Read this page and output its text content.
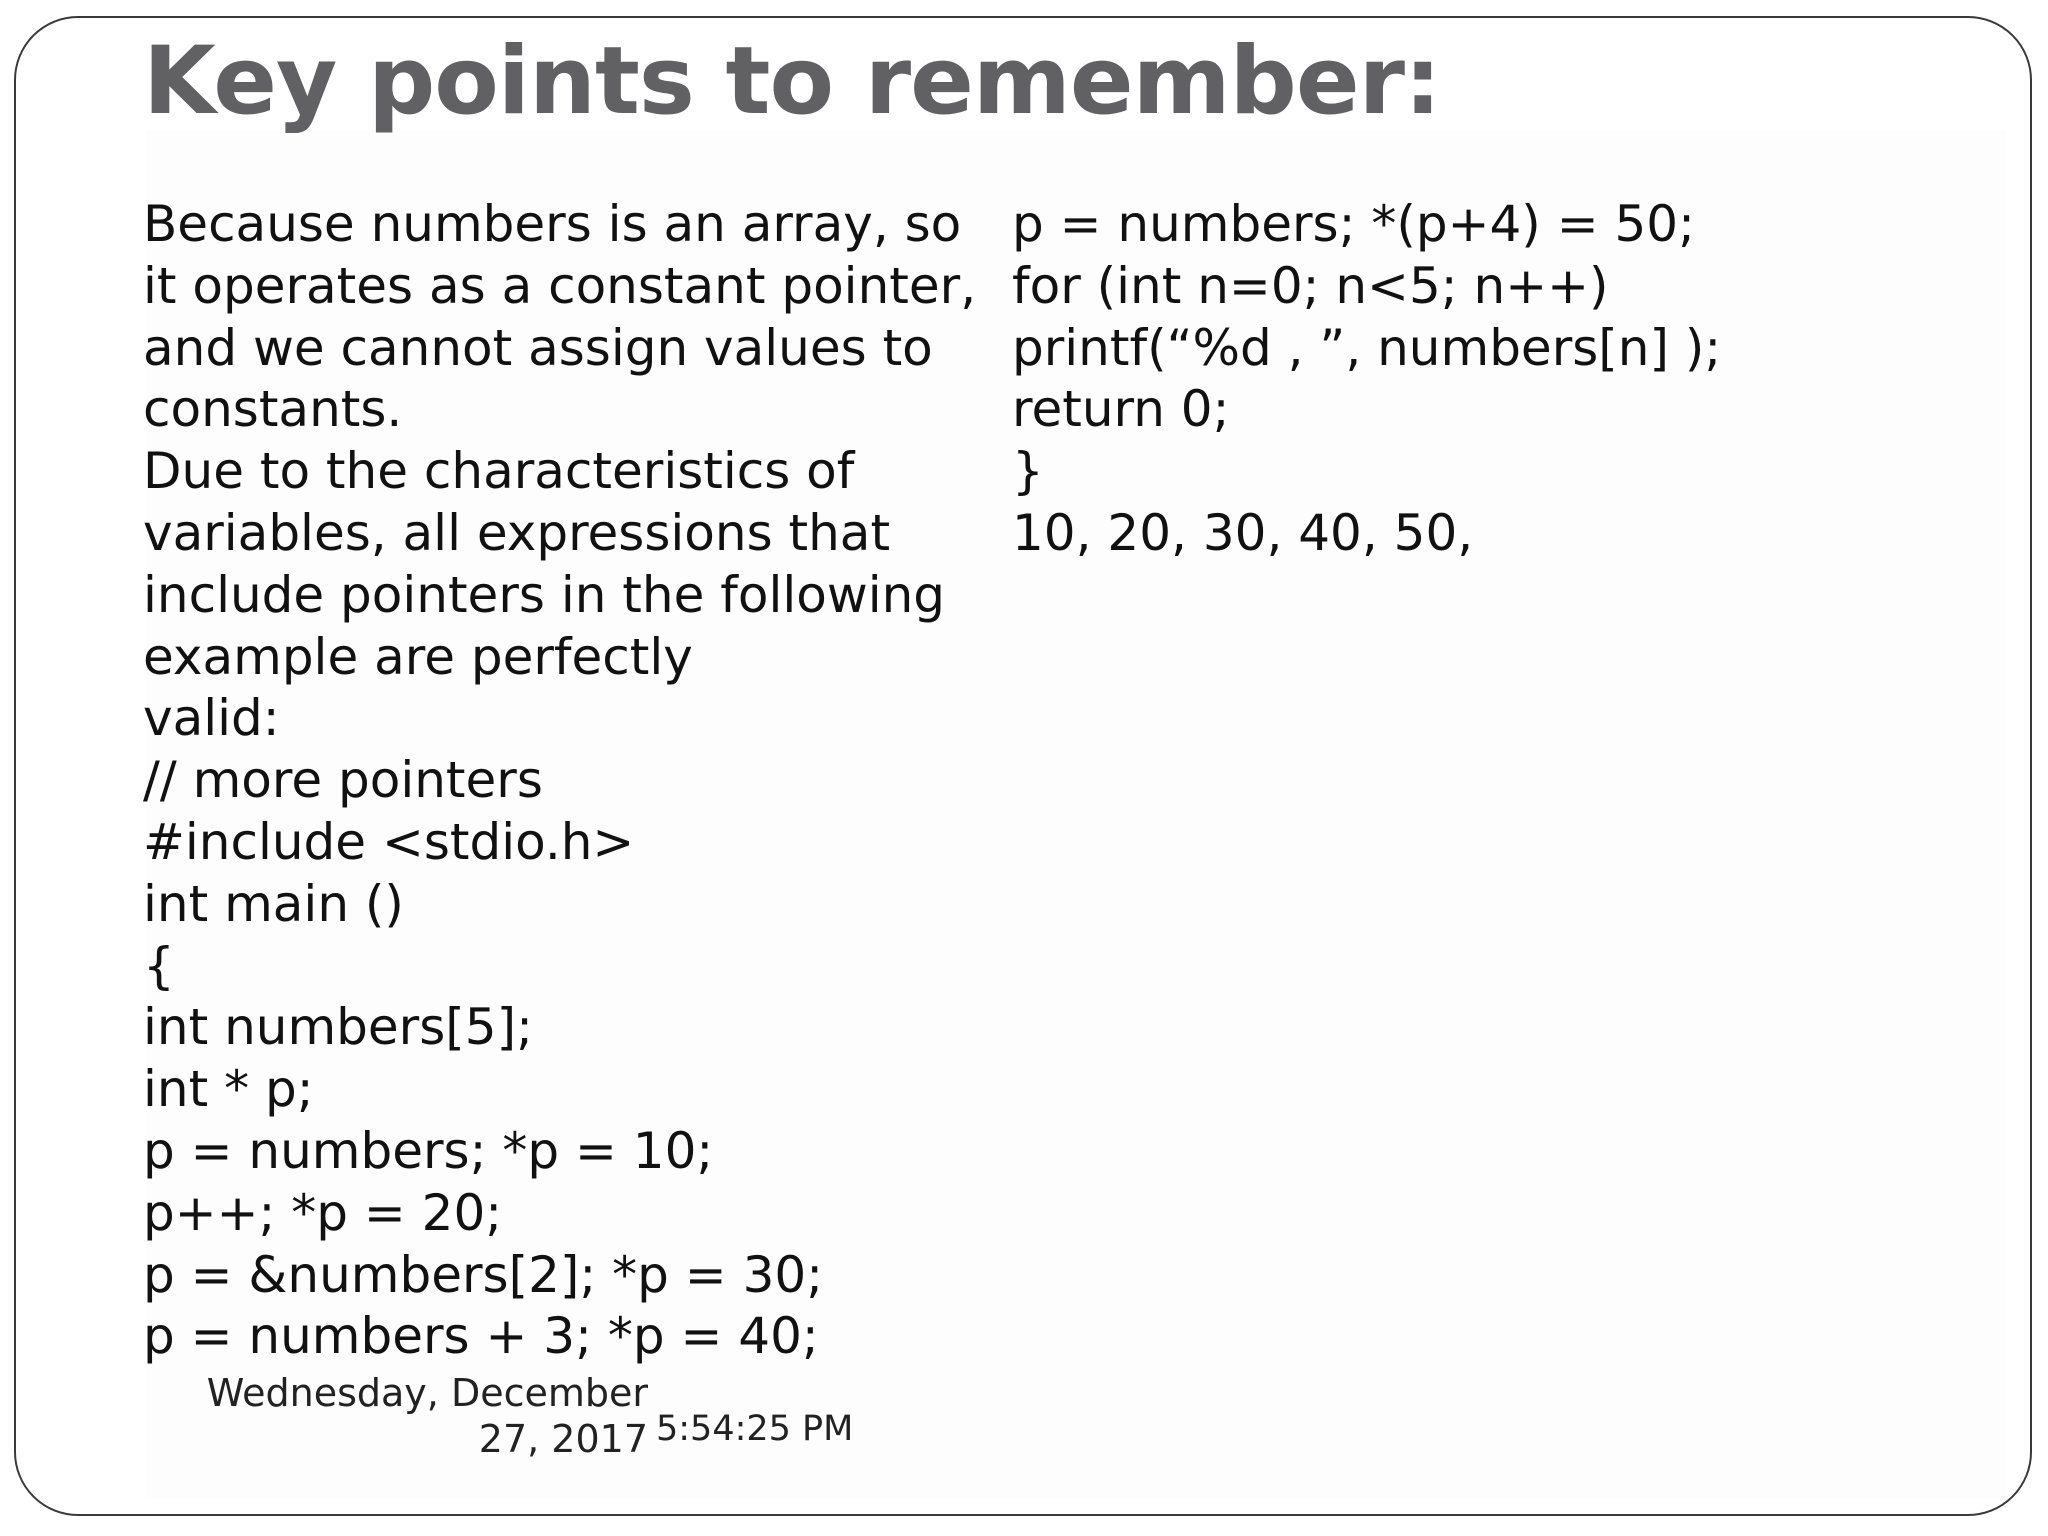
Key points to remember:
Because numbers is an array, so
it operates as a constant pointer,
and we cannot assign values to
constants.
Due to the characteristics of
variables, all expressions that
include pointers in the following
example are perfectly
valid:
// more pointers
#include <stdio.h>
int main ()
{
int numbers[5];
int * p;
p = numbers; *p = 10;
p++; *p = 20;
p = &numbers[2]; *p = 30;
p = numbers + 3; *p = 40;
p = numbers; *(p+4) = 50;
for (int n=0; n<5; n++)
printf(“%d , ”, numbers[n] );
return 0;
}
10, 20, 30, 40, 50,
Wednesday, December
27, 2017 5:54:25 PM
